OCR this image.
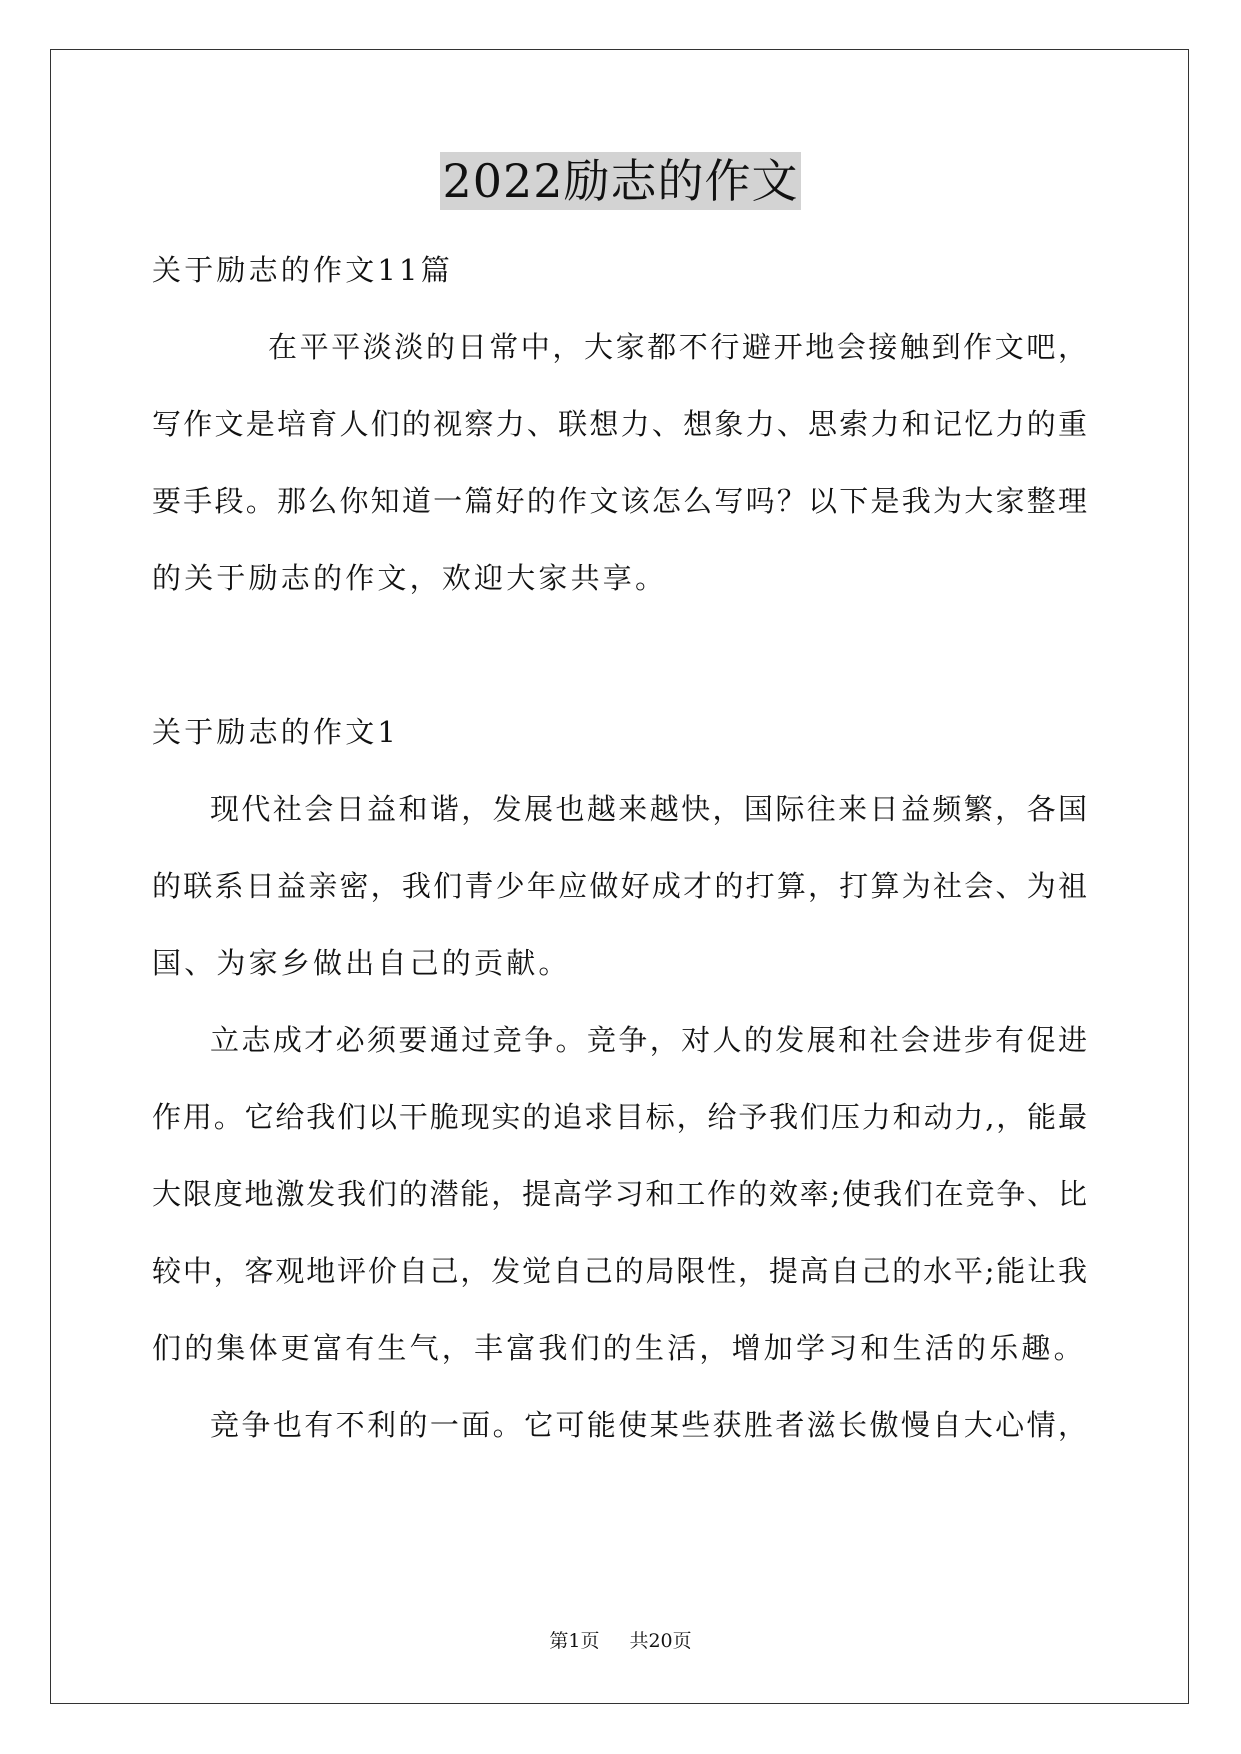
2022励志的作文
关于励志的作文11篇
在平平淡淡的日常中，大家都不行避开地会接触到作文吧，
写作文是培育人们的视察力、联想力、想象力、思索力和记忆力的重
要手段。那么你知道一篇好的作文该怎么写吗？以下是我为大家整理
的关于励志的作文，欢迎大家共享。
关于励志的作文1
现代社会日益和谐，发展也越来越快，国际往来日益频繁，各国
的联系日益亲密，我们青少年应做好成才的打算，打算为社会、为祖
国、为家乡做出自己的贡献。
立志成才必须要通过竞争。竞争，对人的发展和社会进步有促进
作用。它给我们以干脆现实的追求目标，给予我们压力和动力,，能最
大限度地激发我们的潜能，提高学习和工作的效率;使我们在竞争、比
较中，客观地评价自己，发觉自己的局限性，提高自己的水平;能让我
们的集体更富有生气，丰富我们的生活，增加学习和生活的乐趣。
竞争也有不利的一面。它可能使某些获胜者滋长傲慢自大心情，
第1页 共20页
